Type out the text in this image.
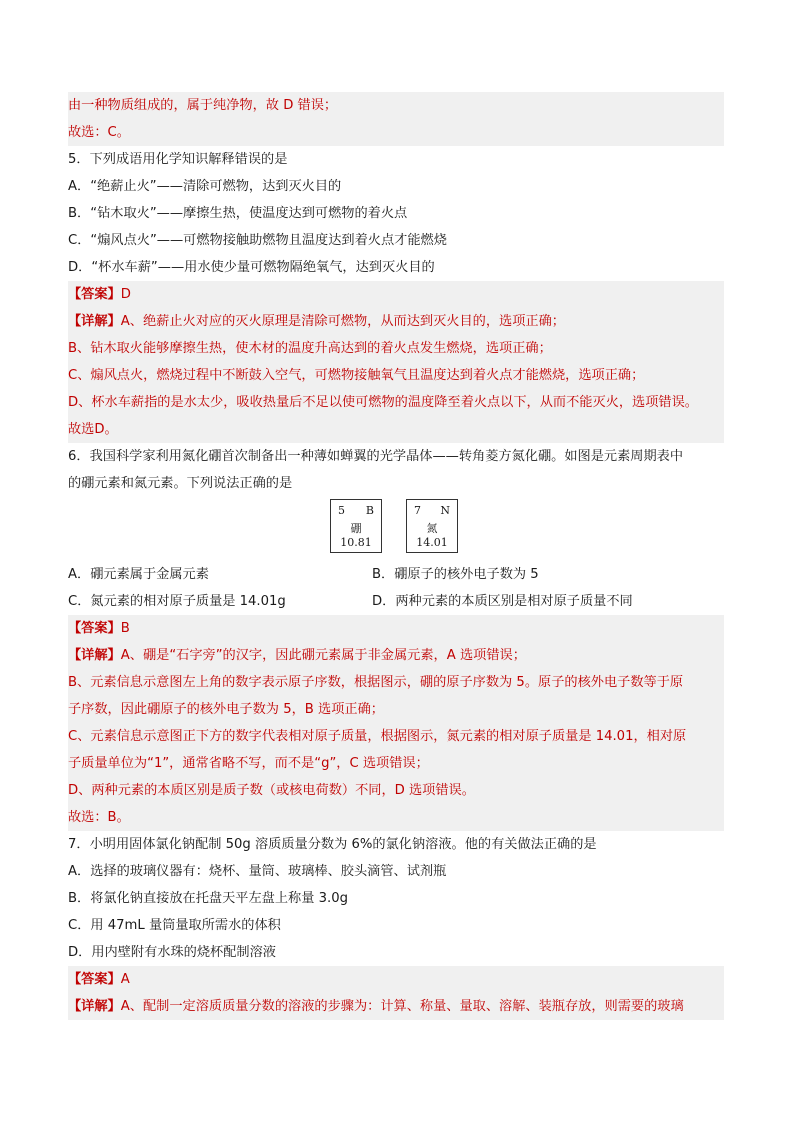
由一种物质组成的，属于纯净物，故 D 错误；
故选：C。
5．下列成语用化学知识解释错误的是
A．“绝薪止火”——清除可燃物，达到灭火目的
B．“钻木取火”——摩擦生热，使温度达到可燃物的着火点
C．“煽风点火”——可燃物接触助燃物且温度达到着火点才能燃烧
D．“杯水车薪”——用水使少量可燃物隔绝氧气，达到灭火目的
【答案】D
【详解】A、绝薪止火对应的灭火原理是清除可燃物，从而达到灭火目的，选项正确；
B、钻木取火能够摩擦生热，使木材的温度升高达到的着火点发生燃烧，选项正确；
C、煽风点火，燃烧过程中不断鼓入空气，可燃物接触氧气且温度达到着火点才能燃烧，选项正确；
D、杯水车薪指的是水太少，吸收热量后不足以使可燃物的温度降至着火点以下，从而不能灭火，选项错误。
故选D。
6．我国科学家利用氮化硼首次制备出一种薄如蝉翼的光学晶体——转角菱方氮化硼。如图是元素周期表中
的硼元素和氮元素。下列说法正确的是
5 B
硼
10.81
7 N
氮
14.01
A．硼元素属于金属元素	B．硼原子的核外电子数为 5
C．氮元素的相对原子质量是 14.01g	D．两种元素的本质区别是相对原子质量不同
【答案】B
【详解】A、硼是“石字旁”的汉字，因此硼元素属于非金属元素，A 选项错误；
B、元素信息示意图左上角的数字表示原子序数，根据图示，硼的原子序数为 5。原子的核外电子数等于原
子序数，因此硼原子的核外电子数为 5，B 选项正确；
C、元素信息示意图正下方的数字代表相对原子质量，根据图示，氮元素的相对原子质量是 14.01，相对原
子质量单位为“1”，通常省略不写，而不是“g”，C 选项错误；
D、两种元素的本质区别是质子数（或核电荷数）不同，D 选项错误。
故选：B。
7．小明用固体氯化钠配制 50g 溶质质量分数为 6%的氯化钠溶液。他的有关做法正确的是
A．选择的玻璃仪器有：烧杯、量筒、玻璃棒、胶头滴管、试剂瓶
B．将氯化钠直接放在托盘天平左盘上称量 3.0g
C．用 47mL 量筒量取所需水的体积
D．用内壁附有水珠的烧杯配制溶液
【答案】A
【详解】A、配制一定溶质质量分数的溶液的步骤为：计算、称量、量取、溶解、装瓶存放，则需要的玻璃
